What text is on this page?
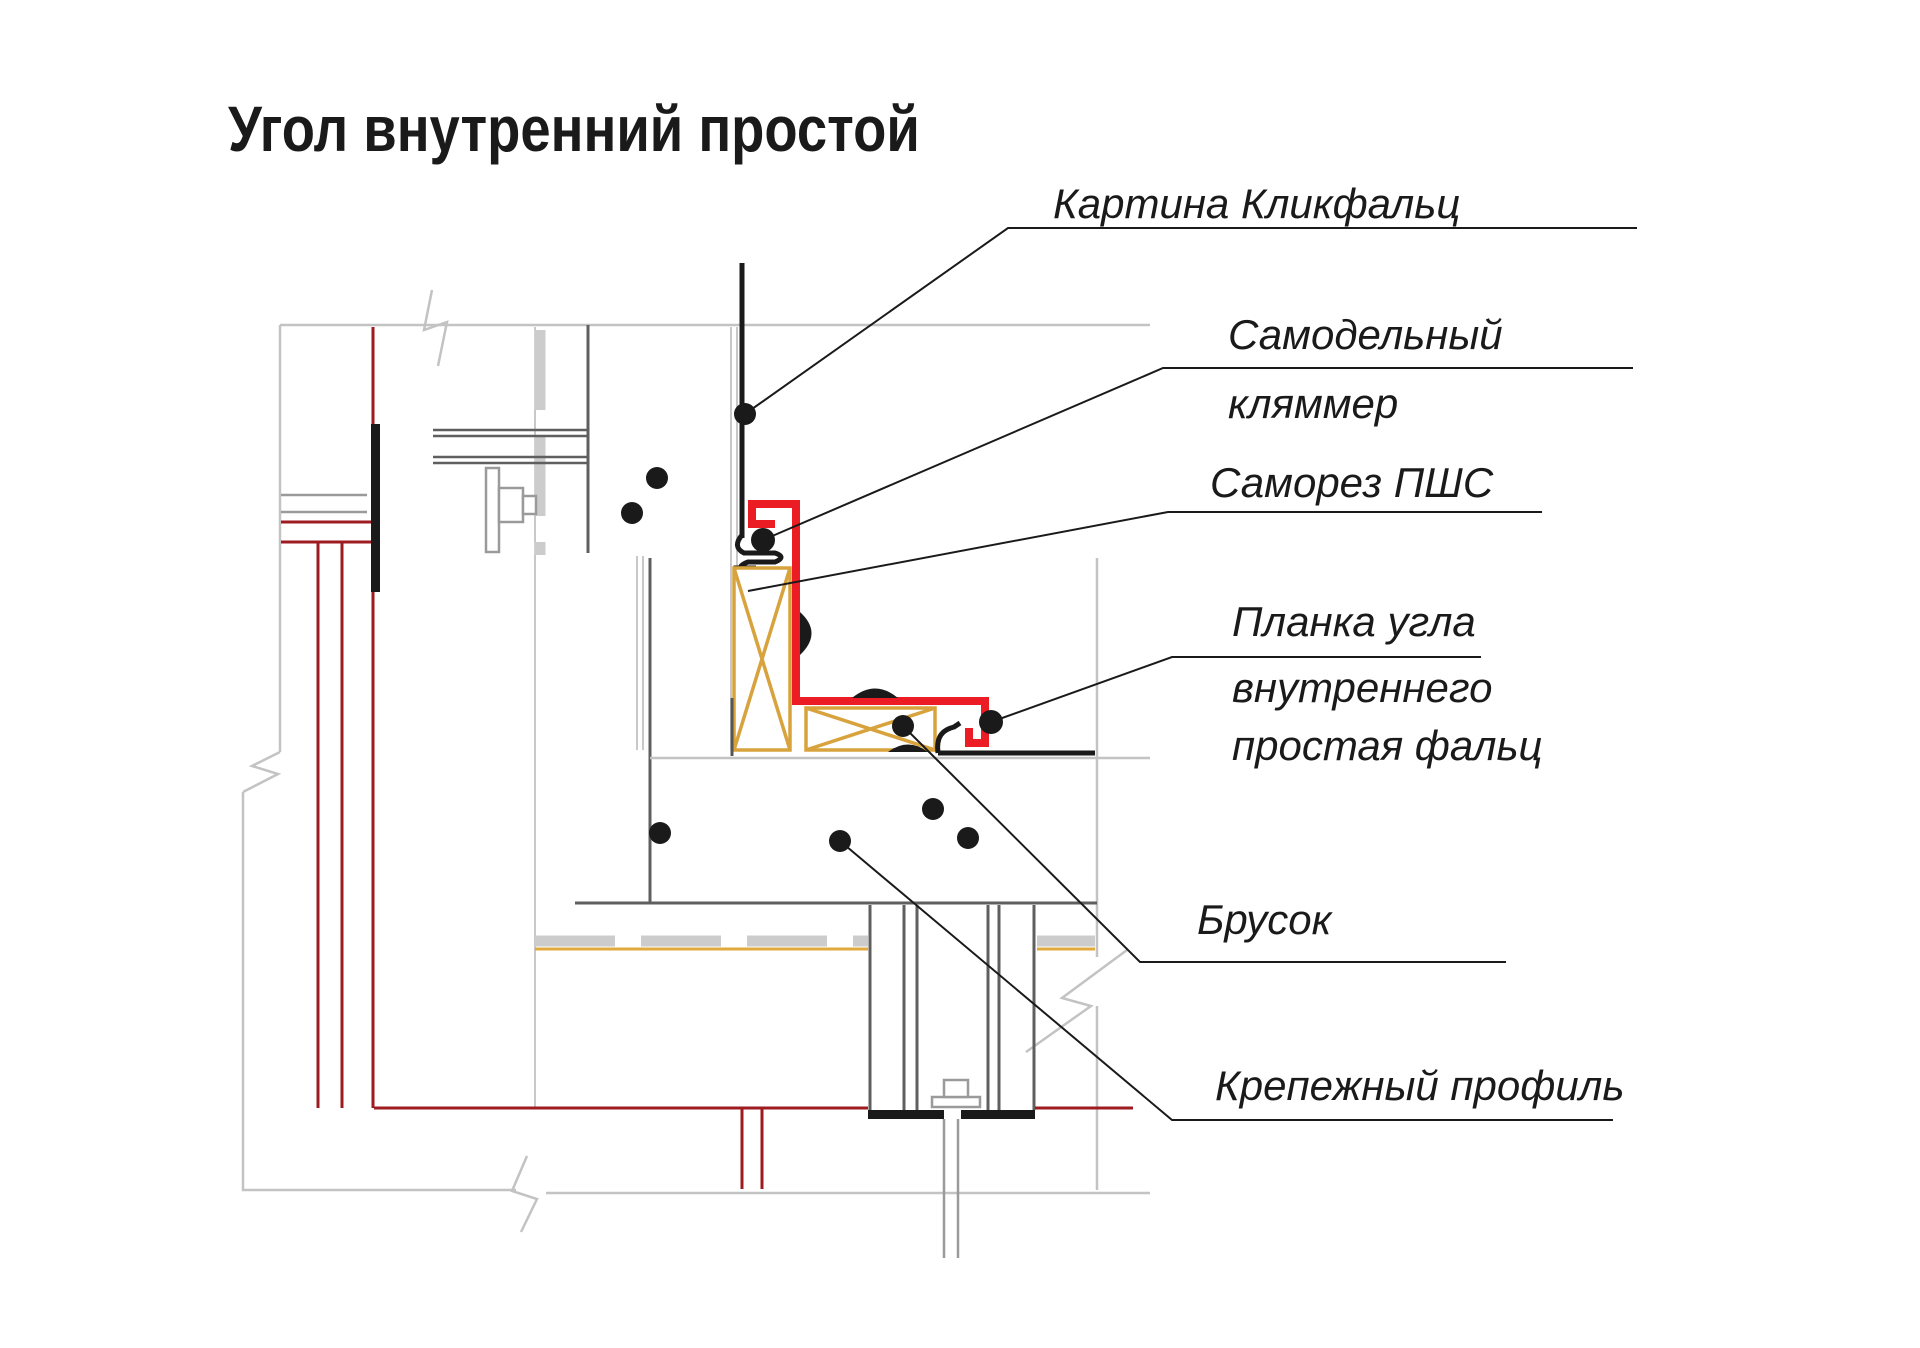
Угол внутренний простой
Картина Кликфальц
Самодельный
кляммер
Саморез ПШС
Планка угла
внутреннего
простая фальц
Брусок
Крепежный профиль
